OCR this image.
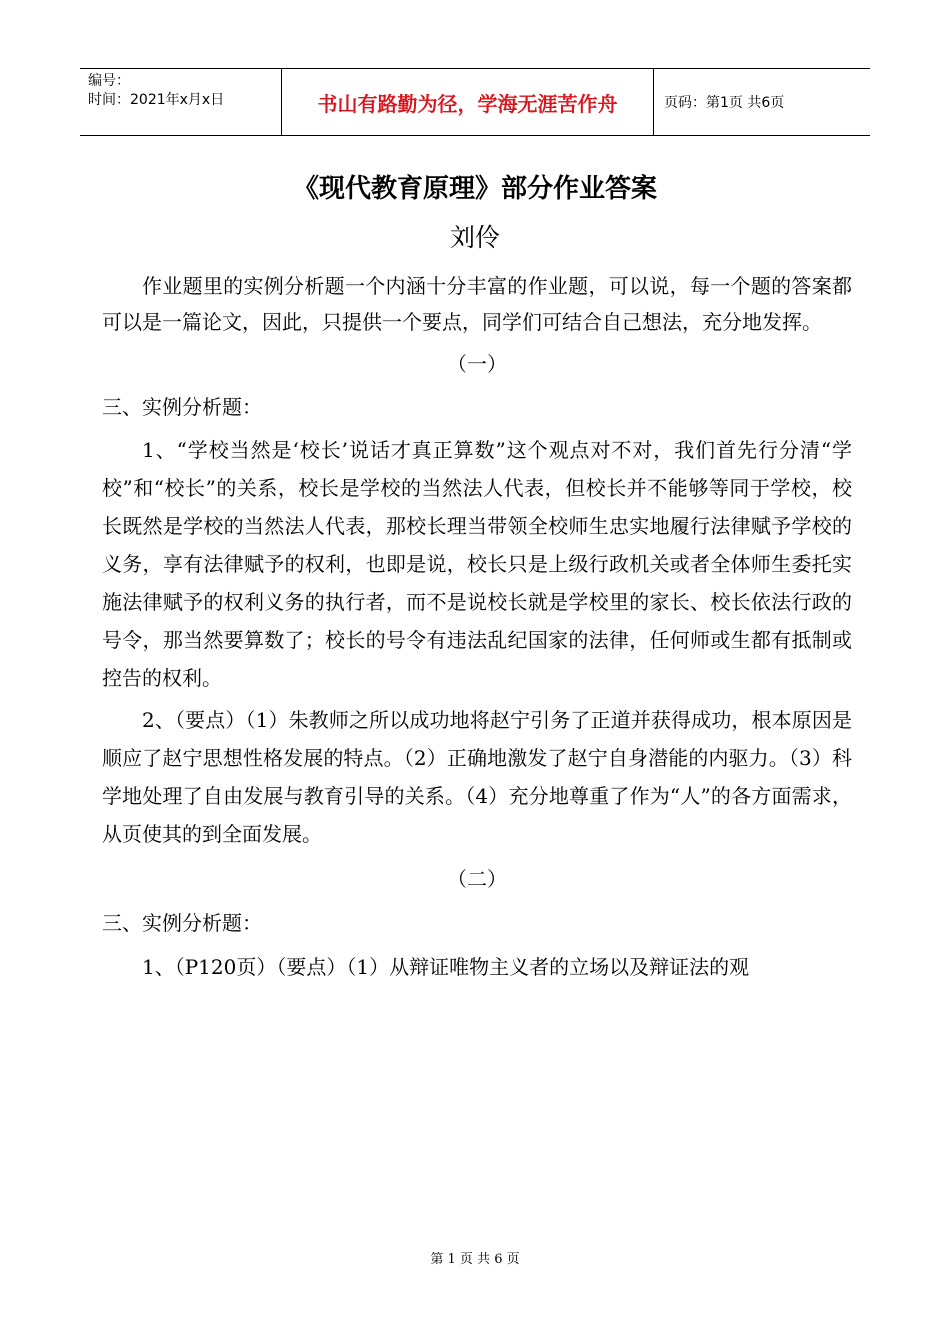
编号：
时间：2021年x月x日	书山有路勤为径，学海无涯苦作舟	页码：第1页 共6页
《现代教育原理》部分作业答案
刘伶

作业题里的实例分析题一个内涵十分丰富的作业题，可以说，每一个题的答案都可以是一篇论文，因此，只提供一个要点，同学们可结合自己想法，充分地发挥。

（一）

三、实例分析题：

1、“学校当然是‘校长’说话才真正算数”这个观点对不对，我们首先行分清“学校”和“校长”的关系，校长是学校的当然法人代表，但校长并不能够等同于学校，校长既然是学校的当然法人代表，那校长理当带领全校师生忠实地履行法律赋予学校的义务，享有法律赋予的权利，也即是说，校长只是上级行政机关或者全体师生委托实施法律赋予的权利义务的执行者，而不是说校长就是学校里的家长、校长依法行政的号令，那当然要算数了；校长的号令有违法乱纪国家的法律，任何师或生都有抵制或控告的权利。

2、（要点）（1）朱教师之所以成功地将赵宁引务了正道并获得成功，根本原因是顺应了赵宁思想性格发展的特点。（2）正确地激发了赵宁自身潜能的内驱力。（3）科学地处理了自由发展与教育引导的关系。（4）充分地尊重了作为“人”的各方面需求，从页使其的到全面发展。

（二）

三、实例分析题：

1、（P120页）（要点）（1）从辩证唯物主义者的立场以及辩证法的观

第 1 页 共 6 页
